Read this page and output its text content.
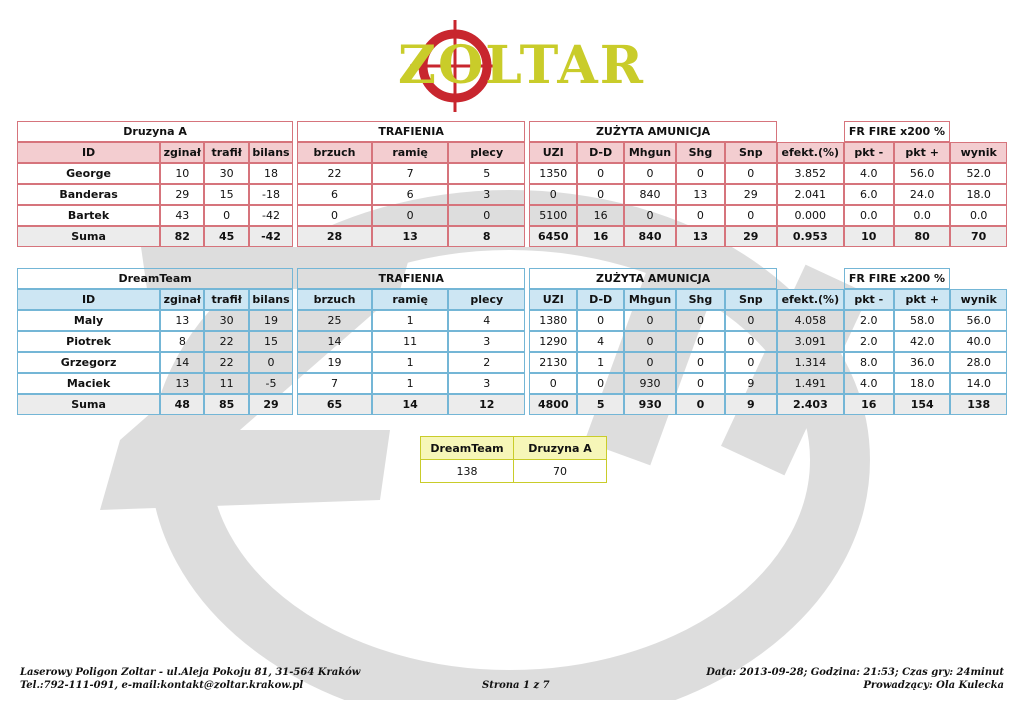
ZOLTAR
Druzyna A					TRAFIENIA				ZUŻYTA AMUNICJA						FR FIRE x200 %		
ID	zginał	trafił	bilans		brzuch	ramię	plecy		UZI	D-D	Mhgun	Shg	Snp	efekt.(%)	pkt -	pkt +	wynik
George	10	30	18		22	7	5		1350	0	0	0	0	3.852	4.0	56.0	52.0
Banderas	29	15	-18		6	6	3		0	0	840	13	29	2.041	6.0	24.0	18.0
Bartek	43	0	-42		0	0	0		5100	16	0	0	0	0.000	0.0	0.0	0.0
Suma	82	45	-42		28	13	8		6450	16	840	13	29	0.953	10	80	70
DreamTeam					TRAFIENIA				ZUŻYTA AMUNICJA						FR FIRE x200 %		
ID	zginał	trafił	bilans		brzuch	ramię	plecy		UZI	D-D	Mhgun	Shg	Snp	efekt.(%)	pkt -	pkt +	wynik
Maly	13	30	19		25	1	4		1380	0	0	0	0	4.058	2.0	58.0	56.0
Piotrek	8	22	15		14	11	3		1290	4	0	0	0	3.091	2.0	42.0	40.0
Grzegorz	14	22	0		19	1	2		2130	1	0	0	0	1.314	8.0	36.0	28.0
Maciek	13	11	-5		7	1	3		0	0	930	0	9	1.491	4.0	18.0	14.0
Suma	48	85	29		65	14	12		4800	5	930	0	9	2.403	16	154	138
DreamTeam	Druzyna A
138	70
Laserowy Poligon Zoltar - ul.Aleja Pokoju 81, 31-564 Kraków
Tel.:792-111-091, e-mail:kontakt@zoltar.krakow.pl	Strona 1 z 7
Data: 2013-09-28; Godzina: 21:53; Czas gry: 24minut
Prowadzący: Ola Kulecka
